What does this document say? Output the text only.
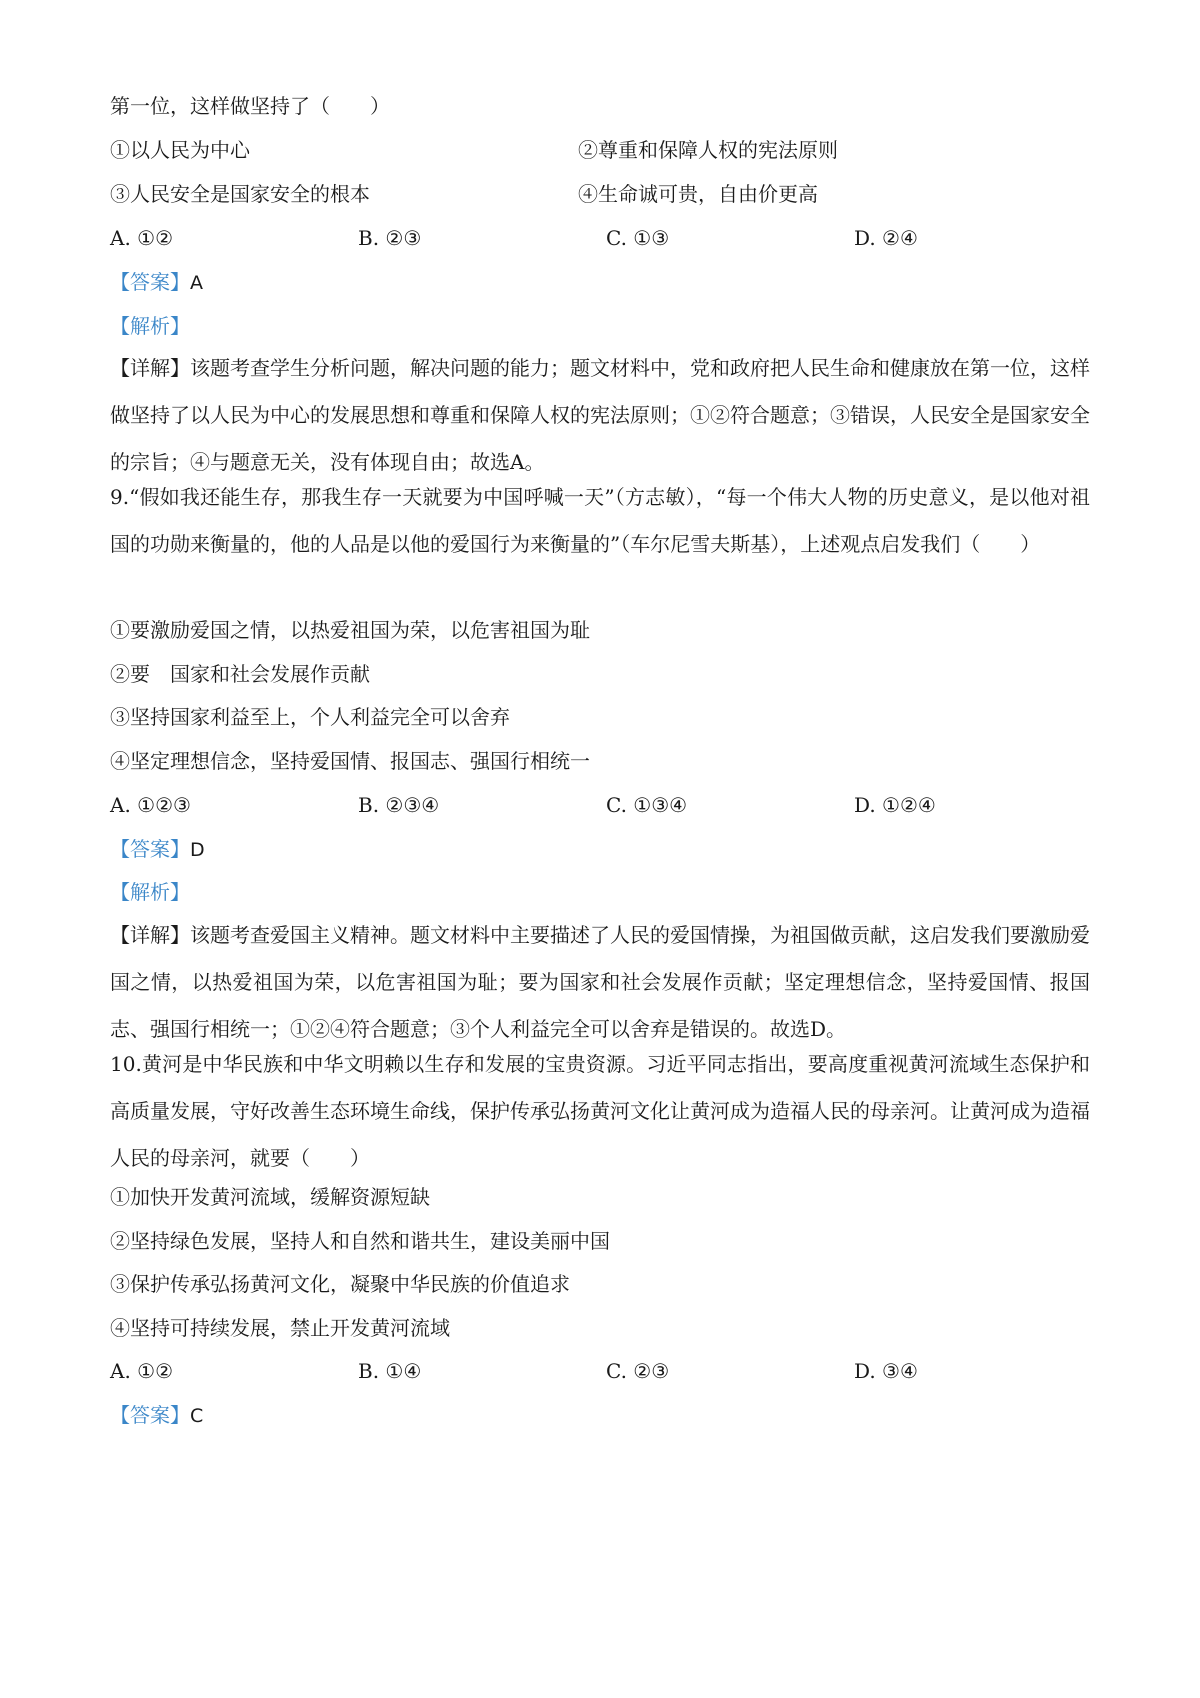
第一位，这样做坚持了（　　）
①以人民为中心	②尊重和保障人权的宪法原则
③人民安全是国家安全的根本	④生命诚可贵，自由价更高
A. ①②	B. ②③	C. ①③	D. ②④
【答案】A
【解析】
【详解】该题考查学生分析问题，解决问题的能力；题文材料中，党和政府把人民生命和健康放在第一位，这样做坚持了以人民为中心的发展思想和尊重和保障人权的宪法原则；①②符合题意；③错误，人民安全是国家安全的宗旨；④与题意无关，没有体现自由；故选A。
9.“假如我还能生存，那我生存一天就要为中国呼喊一天”（方志敏），“每一个伟大人物的历史意义，是以他对祖国的功勋来衡量的，他的人品是以他的爱国行为来衡量的”（车尔尼雪夫斯基），上述观点启发我们（　　）
①要激励爱国之情，以热爱祖国为荣，以危害祖国为耻
②要　国家和社会发展作贡献
③坚持国家利益至上，个人利益完全可以舍弃
④坚定理想信念，坚持爱国情、报国志、强国行相统一
A. ①②③	B. ②③④	C. ①③④	D. ①②④
【答案】D
【解析】
【详解】该题考查爱国主义精神。题文材料中主要描述了人民的爱国情操，为祖国做贡献，这启发我们要激励爱国之情，以热爱祖国为荣，以危害祖国为耻；要为国家和社会发展作贡献；坚定理想信念，坚持爱国情、报国志、强国行相统一；①②④符合题意；③个人利益完全可以舍弃是错误的。故选D。
10.黄河是中华民族和中华文明赖以生存和发展的宝贵资源。习近平同志指出，要高度重视黄河流域生态保护和高质量发展，守好改善生态环境生命线，保护传承弘扬黄河文化让黄河成为造福人民的母亲河。让黄河成为造福人民的母亲河，就要（　　）
①加快开发黄河流域，缓解资源短缺
②坚持绿色发展，坚持人和自然和谐共生，建设美丽中国
③保护传承弘扬黄河文化，凝聚中华民族的价值追求
④坚持可持续发展，禁止开发黄河流域
A. ①②	B. ①④	C. ②③	D. ③④
【答案】C
